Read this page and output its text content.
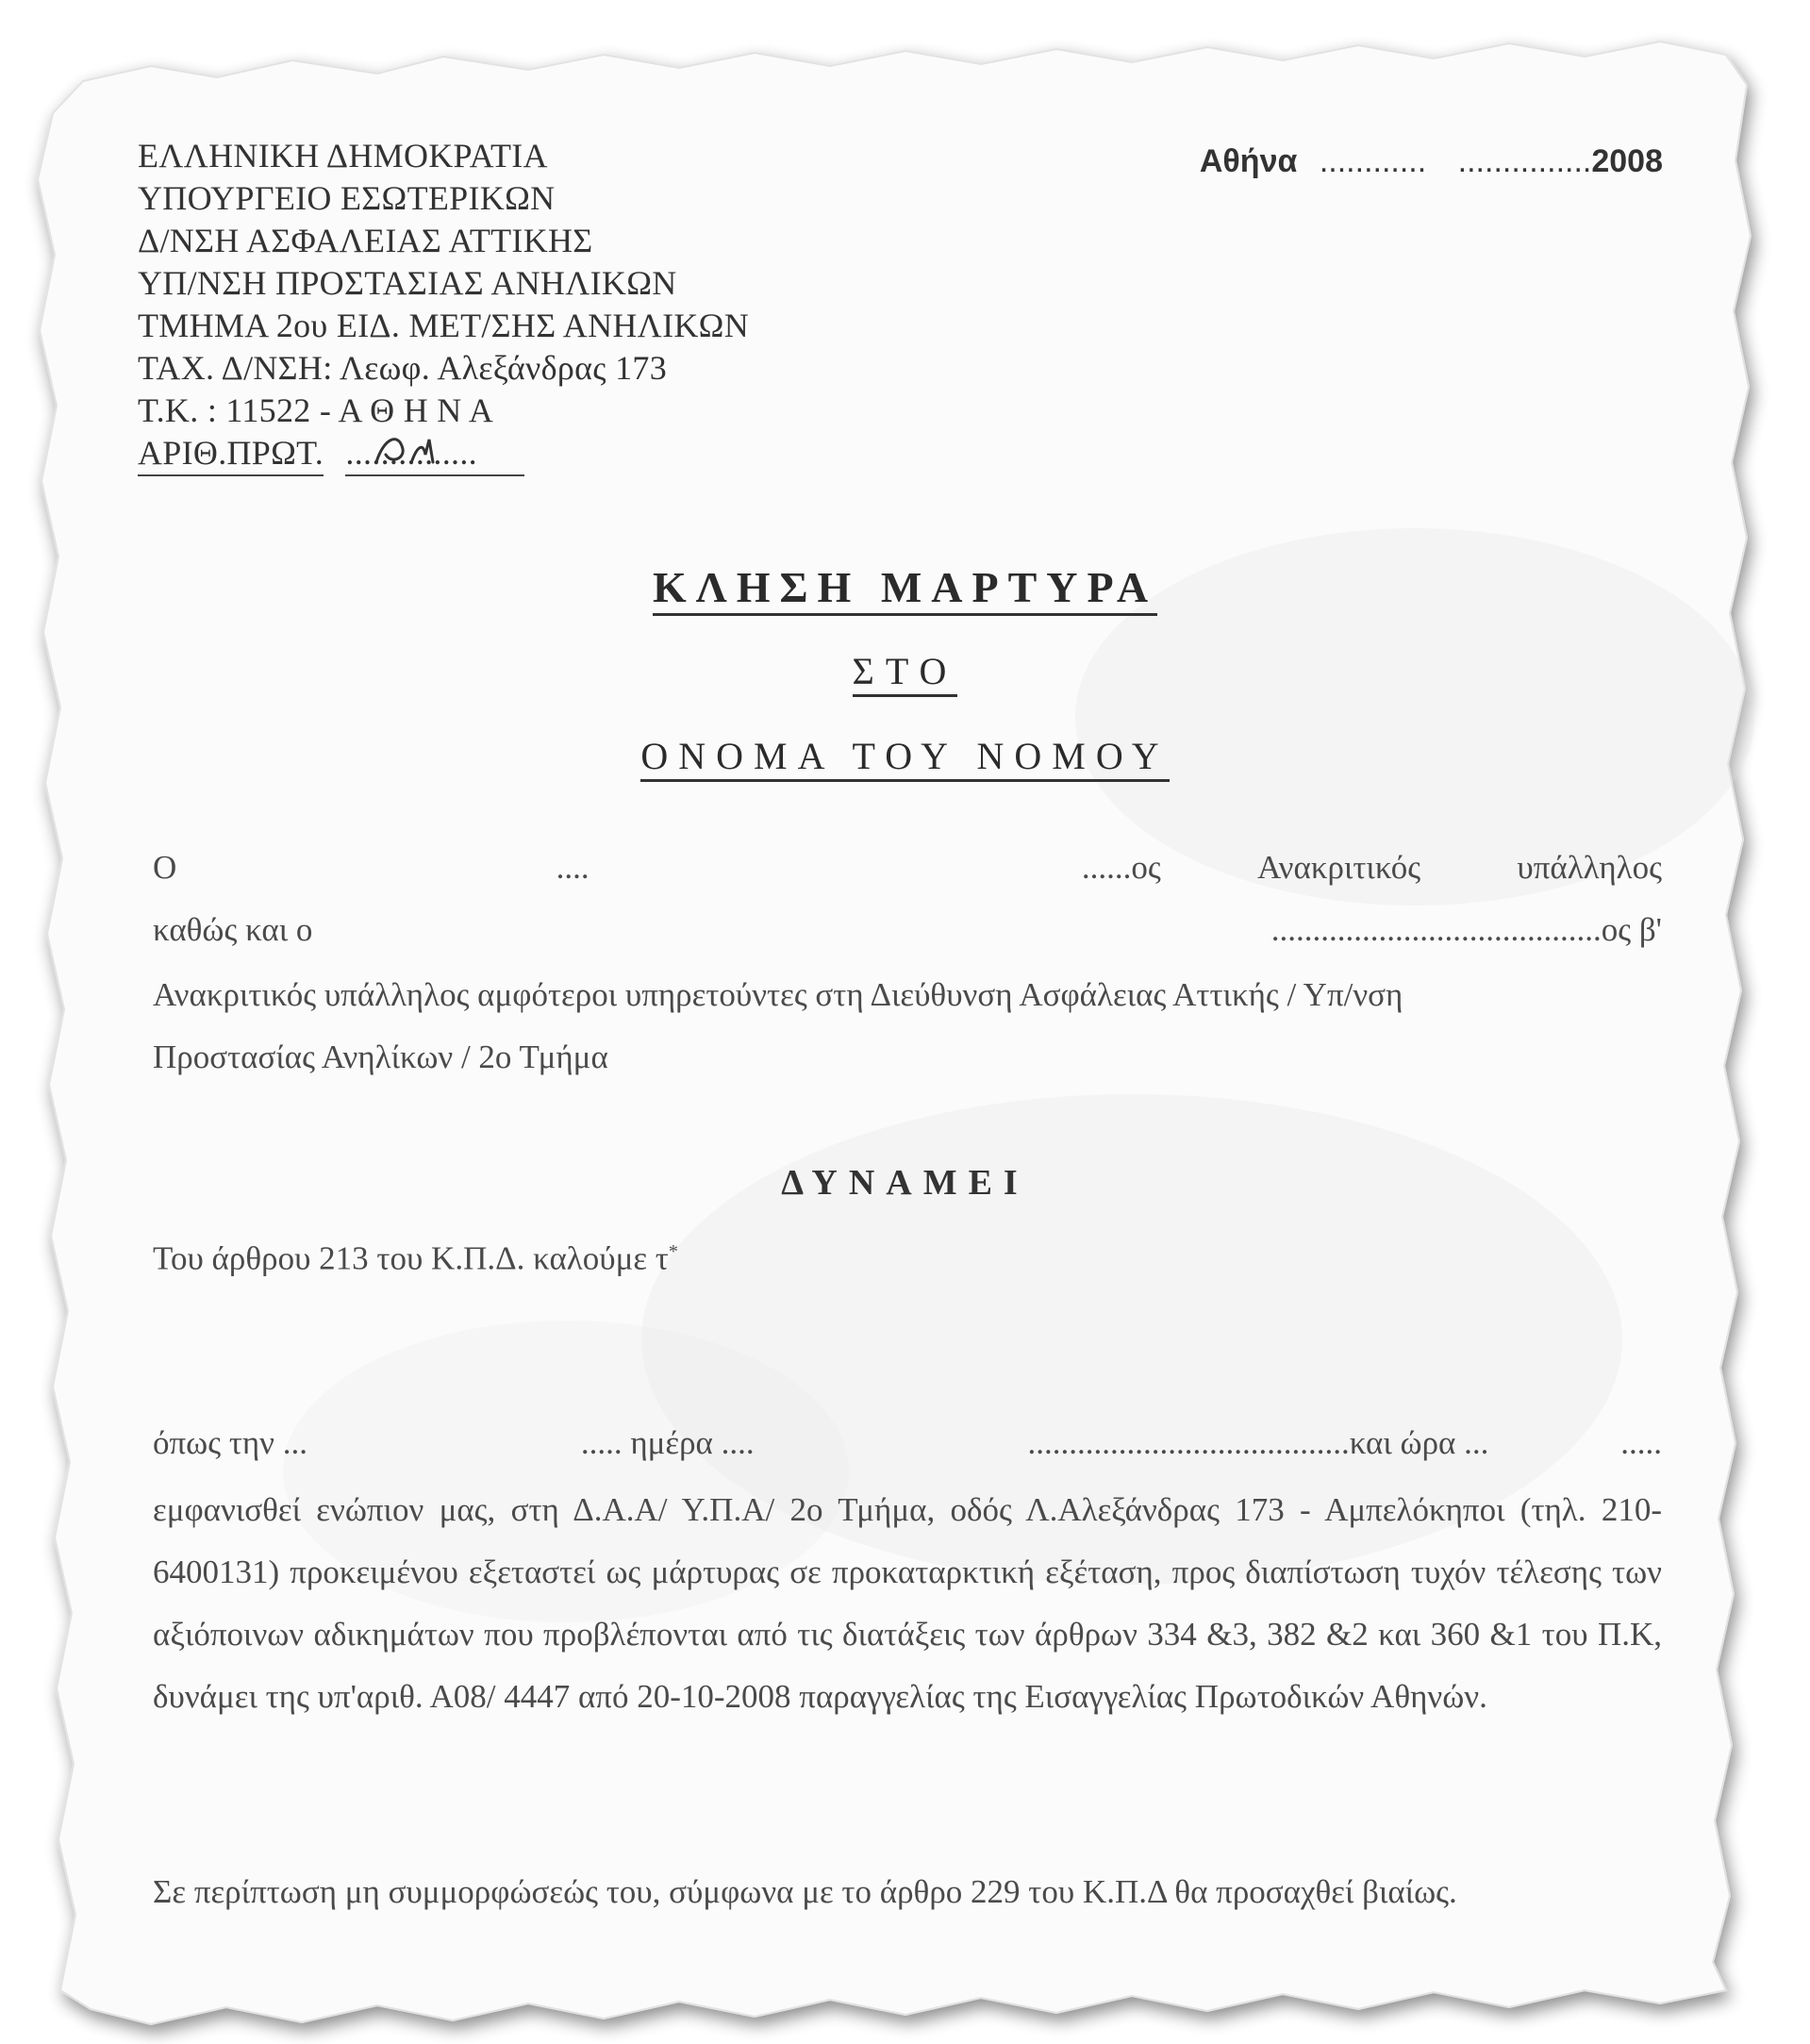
ΕΛΛΗΝΙΚΗ ΔΗΜΟΚΡΑΤΙΑ
ΥΠΟΥΡΓΕΙΟ ΕΣΩΤΕΡΙΚΩΝ
Δ/ΝΣΗ ΑΣΦΑΛΕΙΑΣ ΑΤΤΙΚΗΣ
ΥΠ/ΝΣΗ ΠΡΟΣΤΑΣΙΑΣ ΑΝΗΛΙΚΩΝ
ΤΜΗΜΑ 2ου ΕΙΔ. ΜΕΤ/ΣΗΣ ΑΝΗΛΙΚΩΝ
ΤΑΧ. Δ/ΝΣΗ: Λεωφ. Αλεξάνδρας 173
Τ.Κ. : 11522 - Α Θ Η Ν Α
ΑΡΙΘ.ΠΡΩΤ. ...............
Αθήνα ............ ...............2008
ΚΛΗΣΗ ΜΑΡΤΥΡΑ
ΣΤΟ
ΟΝΟΜΑ ΤΟΥ ΝΟΜΟΥ
Ο	....	......ος	Ανακριτικός	υπάλληλος
καθώς και ο	........................................ος β'
Ανακριτικός υπάλληλος αμφότεροι υπηρετούντες στη Διεύθυνση Ασφάλειας Αττικής / Υπ/νση
Προστασίας Ανηλίκων / 2ο Τμήμα
ΔΥΝΑΜΕΙ
Του άρθρου 213 του Κ.Π.Δ. καλούμε τ*
όπως την ...	..... ημέρα ....	.......................................και ώρα ...	.....
εμφανισθεί ενώπιον μας, στη Δ.Α.Α/ Υ.Π.Α/ 2ο Τμήμα, οδός Λ.Αλεξάνδρας 173 - Αμπελόκηποι (τηλ. 210-6400131) προκειμένου εξεταστεί ως μάρτυρας σε προκαταρκτική εξέταση, προς διαπίστωση τυχόν τέλεσης των αξιόποινων αδικημάτων που προβλέπονται από τις διατάξεις των άρθρων 334 &3, 382 &2 και 360 &1 του Π.Κ, δυνάμει της υπ'αριθ. Α08/ 4447 από 20-10-2008 παραγγελίας της Εισαγγελίας Πρωτοδικών Αθηνών.
Σε περίπτωση μη συμμορφώσεώς του, σύμφωνα με το άρθρο 229 του Κ.Π.Δ θα προσαχθεί βιαίως.
